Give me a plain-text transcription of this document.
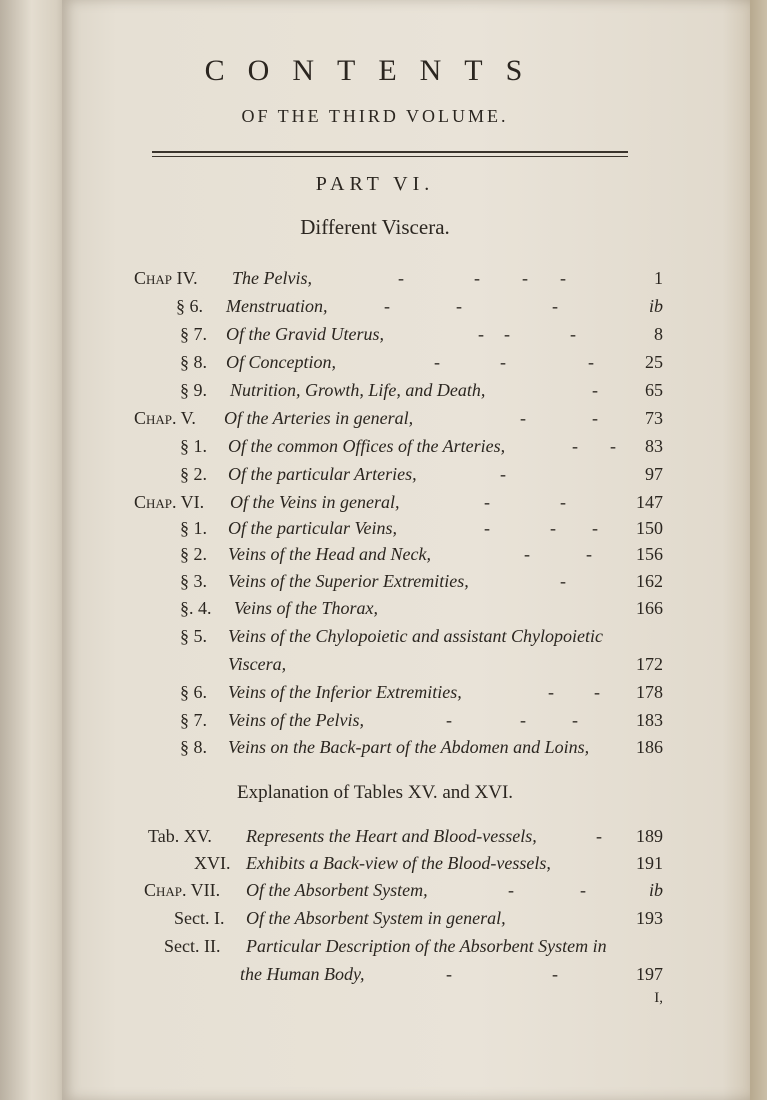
CONTENTS
OF THE THIRD VOLUME.
PART VI.
Different Viscera.
Chap IV. The Pelvis,	-	- - -	1
§ 6. Menstruation,	-	-	-	ib
§ 7. Of the Gravid Uterus,	- -	-	8
§ 8. Of Conception,	-	-	-	25
§ 9. Nutrition, Growth, Life, and Death,	-	65
Chap. V. Of the Arteries in general,	-	-	73
§ 1. Of the common Offices of the Arteries,	- - 83
§ 2. Of the particular Arteries,	-	97
Chap. VI. Of the Veins in general,	-	-	147
§ 1. Of the particular Veins,	-	- - 150
§ 2. Veins of the Head and Neck,	-	- 156
§ 3. Veins of the Superior Extremities,	-	162
§. 4. Veins of the Thorax,	166
§ 5. Veins of the Chylopoietic and assistant Chylopoietic
Viscera,	172
§ 6. Veins of the Inferior Extremities,	- - 178
§ 7. Veins of the Pelvis,	-	-	-	183
§ 8. Veins on the Back-part of the Abdomen and Loins,	186
Explanation of Tables XV. and XVI.
Tab. XV. Represents the Heart and Blood-vessels,	- 189
XVI. Exhibits a Back-view of the Blood-vessels,	191
Chap. VII. Of the Absorbent System,	-	-	ib
Sect. I. Of the Absorbent System in general,	193
Sect. II. Particular Description of the Absorbent System in
the Human Body,	-	-	197
I,
